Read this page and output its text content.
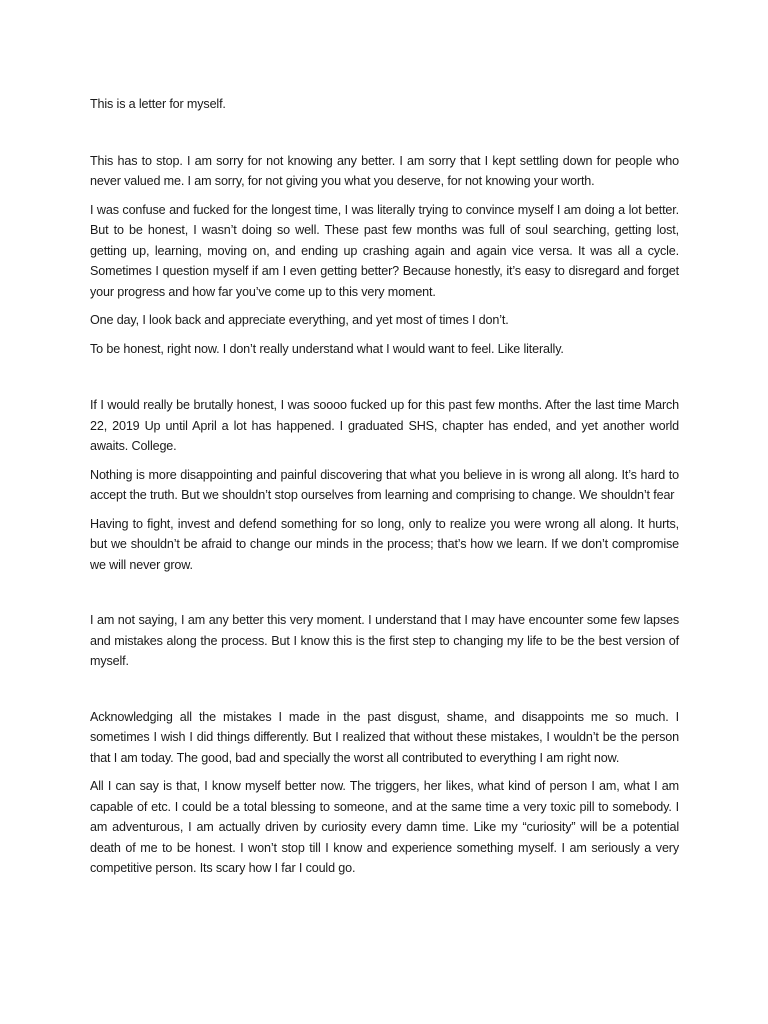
This is a letter for myself.

This has to stop. I am sorry for not knowing any better. I am sorry that I kept settling down for people who never valued me. I am sorry, for not giving you what you deserve, for not knowing your worth.

I was confuse and fucked for the longest time, I was literally trying to convince myself I am doing a lot better. But to be honest, I wasn’t doing so well. These past few months was full of soul searching, getting lost, getting up, learning, moving on, and ending up crashing again and again vice versa. It was all a cycle. Sometimes I question myself if am I even getting better? Because honestly, it’s easy to disregard and forget your progress and how far you’ve come up to this very moment.

One day, I look back and appreciate everything, and yet most of times I don’t.

To be honest, right now. I don’t really understand what I would want to feel. Like literally.

If I would really be brutally honest, I was soooo fucked up for this past few months. After the last time March 22, 2019 Up until April a lot has happened. I graduated SHS, chapter has ended, and yet another world awaits. College.

Nothing is more disappointing and painful discovering that what you believe in is wrong all along. It’s hard to accept the truth. But we shouldn’t stop ourselves from learning and comprising to change. We shouldn’t fear

Having to fight, invest and defend something for so long, only to realize you were wrong all along. It hurts, but we shouldn’t be afraid to change our minds in the process; that’s how we learn. If we don’t compromise we will never grow.

I am not saying, I am any better this very moment. I understand that I may have encounter some few lapses and mistakes along the process. But I know this is the first step to changing my life to be the best version of myself.

Acknowledging all the mistakes I made in the past disgust, shame, and disappoints me so much. I sometimes I wish I did things differently. But I realized that without these mistakes, I wouldn’t be the person that I am today. The good, bad and specially the worst all contributed to everything I am right now.

All I can say is that, I know myself better now. The triggers, her likes, what kind of person I am, what I am capable of etc. I could be a total blessing to someone, and at the same time a very toxic pill to somebody. I am adventurous, I am actually driven by curiosity every damn time. Like my “curiosity” will be a potential death of me to be honest. I won’t stop till I know and experience something myself. I am seriously a very competitive person. Its scary how I far I could go.
